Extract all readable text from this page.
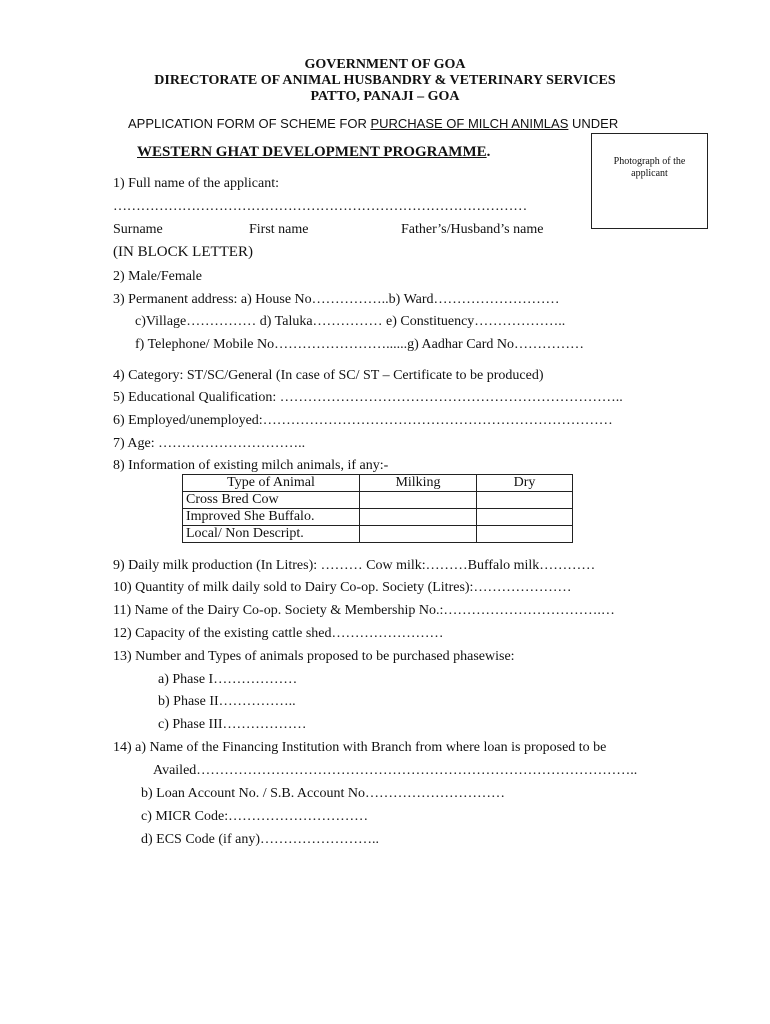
GOVERNMENT OF GOA
DIRECTORATE OF ANIMAL HUSBANDRY & VETERINARY SERVICES
PATTO, PANAJI – GOA
APPLICATION FORM OF SCHEME FOR PURCHASE OF MILCH ANIMLAS UNDER
WESTERN GHAT DEVELOPMENT PROGRAMME.
Photograph of the applicant
1) Full name of the applicant:
………………………………………………………………………………
Surname	First name	Father’s/Husband’s name
(IN BLOCK LETTER)
2) Male/Female
3) Permanent address: a) House No……………..b) Ward………………………
c)Village…………… d) Taluka…………… e) Constituency………………..
f) Telephone/ Mobile No……………………......g) Aadhar Card No……………
4) Category: ST/SC/General (In case of SC/ ST – Certificate to be produced)
5) Educational Qualification: ………………………………………………………………..
6) Employed/unemployed:…………………………………………………………………
7) Age: …………………………..
8) Information of existing milch animals, if any:-
Type of Animal	Milking	Dry
Cross Bred Cow		
Improved She Buffalo.		
Local/ Non Descript.		
9) Daily milk production (In Litres): ……… Cow milk:………Buffalo milk…………
10) Quantity of milk daily sold to Dairy Co-op. Society (Litres):…………………
11) Name of the Dairy Co-op. Society & Membership No.:…………………………….…
12) Capacity of the existing cattle shed……………………
13) Number and Types of animals proposed to be purchased phasewise:
a) Phase I………………
b) Phase II……………..
c) Phase III………………
14) a) Name of the Financing Institution with Branch from where loan is proposed to be
Availed…………………………………………………………………………………..
b) Loan Account No. / S.B. Account No…………………………
c) MICR Code:…………………………
d) ECS Code (if any)……………………..
